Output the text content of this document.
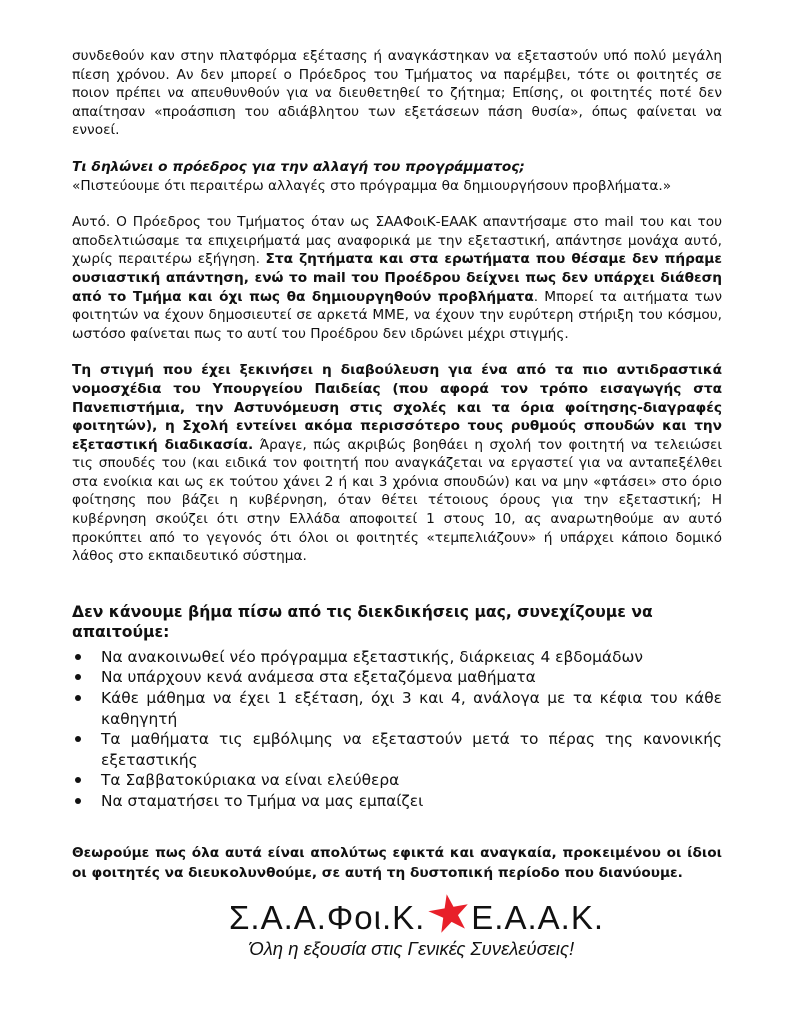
συνδεθούν καν στην πλατφόρμα εξέτασης ή αναγκάστηκαν να εξεταστούν υπό πολύ μεγάλη πίεση χρόνου. Αν δεν μπορεί ο Πρόεδρος του Τμήματος να παρέμβει, τότε οι φοιτητές σε ποιον πρέπει να απευθυνθούν για να διευθετηθεί το ζήτημα; Επίσης, οι φοιτητές ποτέ δεν απαίτησαν «προάσπιση του αδιάβλητου των εξετάσεων πάση θυσία», όπως φαίνεται να εννοεί.

Τι δηλώνει ο πρόεδρος για την αλλαγή του προγράμματος;
«Πιστεύουμε ότι περαιτέρω αλλαγές στο πρόγραμμα θα δημιουργήσουν προβλήματα.»

Αυτό. Ο Πρόεδρος του Τμήματος όταν ως ΣΑΑΦοιΚ-ΕΑΑΚ απαντήσαμε στο mail του και του αποδελτιώσαμε τα επιχειρήματά μας αναφορικά με την εξεταστική, απάντησε μονάχα αυτό, χωρίς περαιτέρω εξήγηση. Στα ζητήματα και στα ερωτήματα που θέσαμε δεν πήραμε ουσιαστική απάντηση, ενώ το mail του Προέδρου δείχνει πως δεν υπάρχει διάθεση από το Τμήμα και όχι πως θα δημιουργηθούν προβλήματα. Μπορεί τα αιτήματα των φοιτητών να έχουν δημοσιευτεί σε αρκετά ΜΜΕ, να έχουν την ευρύτερη στήριξη του κόσμου, ωστόσο φαίνεται πως το αυτί του Προέδρου δεν ιδρώνει μέχρι στιγμής.

Τη στιγμή που έχει ξεκινήσει η διαβούλευση για ένα από τα πιο αντιδραστικά νομοσχέδια του Υπουργείου Παιδείας (που αφορά τον τρόπο εισαγωγής στα Πανεπιστήμια, την Αστυνόμευση στις σχολές και τα όρια φοίτησης-διαγραφές φοιτητών), η Σχολή εντείνει ακόμα περισσότερο τους ρυθμούς σπουδών και την εξεταστική διαδικασία. Άραγε, πώς ακριβώς βοηθάει η σχολή τον φοιτητή να τελειώσει τις σπουδές του (και ειδικά τον φοιτητή που αναγκάζεται να εργαστεί για να ανταπεξέλθει στα ενοίκια και ως εκ τούτου χάνει 2 ή και 3 χρόνια σπουδών) και να μην «φτάσει» στο όριο φοίτησης που βάζει η κυβέρνηση, όταν θέτει τέτοιους όρους για την εξεταστική; Η κυβέρνηση σκούζει ότι στην Ελλάδα αποφοιτεί 1 στους 10, ας αναρωτηθούμε αν αυτό προκύπτει από το γεγονός ότι όλοι οι φοιτητές «τεμπελιάζουν» ή υπάρχει κάποιο δομικό λάθος στο εκπαιδευτικό σύστημα.

Δεν κάνουμε βήμα πίσω από τις διεκδικήσεις μας, συνεχίζουμε να απαιτούμε:
Να ανακοινωθεί νέο πρόγραμμα εξεταστικής, διάρκειας 4 εβδομάδων
Να υπάρχουν κενά ανάμεσα στα εξεταζόμενα μαθήματα
Κάθε μάθημα να έχει 1 εξέταση, όχι 3 και 4, ανάλογα με τα κέφια του κάθε καθηγητή
Τα μαθήματα τις εμβόλιμης να εξεταστούν μετά το πέρας της κανονικής εξεταστικής
Τα Σαββατοκύριακα να είναι ελεύθερα
Να σταματήσει το Τμήμα να μας εμπαίζει

Θεωρούμε πως όλα αυτά είναι απολύτως εφικτά και αναγκαία, προκειμένου οι ίδιοι οι φοιτητές να διευκολυνθούμε, σε αυτή τη δυστοπική περίοδο που διανύουμε.

Σ.Α.Α.Φοι.Κ. Ε.Α.Α.Κ.
Όλη η εξουσία στις Γενικές Συνελεύσεις!
